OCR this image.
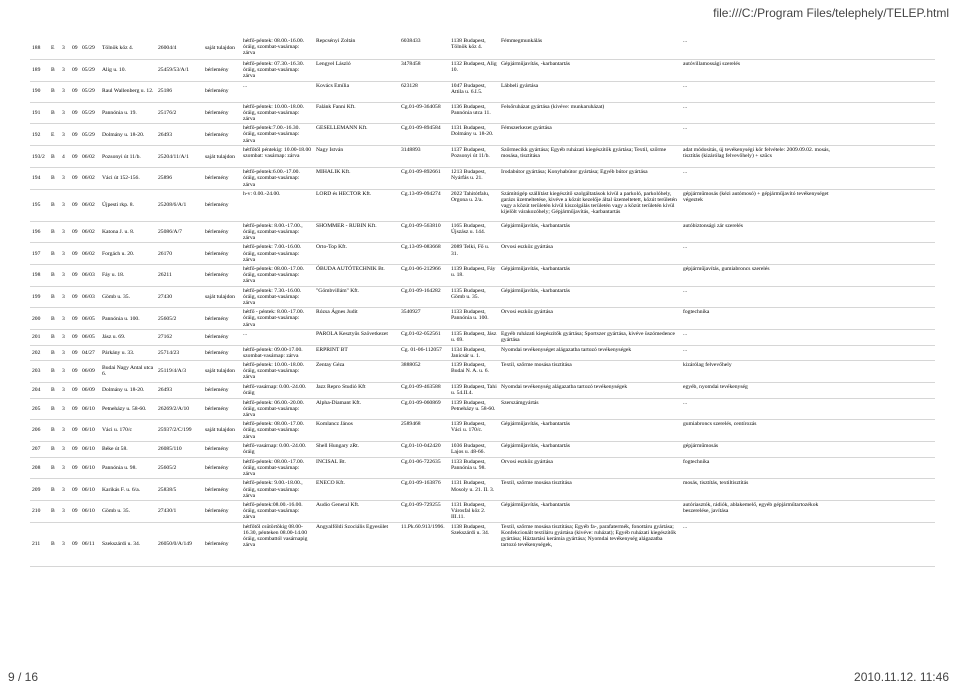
file:///C:/Program Files/telephely/TELEP.html
188	E	3	09	05/29	Tölnök köz 4.	26004/4	saját tulajdon	hétfő-péntek: 08.00.-16.00. óráig, szombat-vasárnap: zárva	Repcsényi Zoltán	6038433	1138 Budapest, Tölnök köz 4.	Fémmegmunkálás	...	
189	B	3	09	05/29	Alig u. 10.	25459/53/A/1	bérlemény	hétfő-péntek: 07.30.-16.30. óráig, szombat-vasárnap: zárva	Lengyel László	3478458	1132 Budapest, Alig 10.	Gépjárműjavítás, -karbantartás	autóvillamossági szerelés	
190	B	3	09	05/29	Raul Wallenberg u. 12.	25186	bérlemény	...	Kovács Emília	623128	1047 Budapest, Attila u. 6.I.5.	Lábbeli gyártása	...	
191	B	3	09	05/29	Pannónia u. 19.	25176/2	bérlemény	hétfő-péntek: 10.00.-18.00. óráig, szombat-vasárnap: zárva	Falánk Fanni Kft.	Cg.01-09-364058	1136 Budapest, Pannónia utca 11.	Felsőruházat gyártása (kivéve: munkaruházat)	...	
192	E	3	09	05/29	Dolmány u. 18-20.	26493	bérlemény	hétfő-péntek:7.00.-16.30. óráig, szombat-vasárnap: zárva	GESELLEMANN Kft.	Cg.01-09-894584	1131 Budapest, Dolmány u. 18-20.	Fémszerkezet gyártása	...	
193/2	B	4	09	06/02	Pozsonyi út 11/b.	25204/11/A/1	saját tulajdon	hétfőtől péntekig: 10.00-18.00 szombat: vasárnap: zárva	Nagy István	3148893	1137 Budapest, Pozsonyi út 11/b.	Szőrmecikk gyártása; Egyéb ruházati kiegészítők gyártása; Textil, szőrme mosása, tisztítása	adat módosítás, új tevékenységi kör felvétele: 2009.09.02. mosás, tisztítás (kizárólag felvevőhely) + szűcs	
194	B	3	09	06/02	Váci út 152-156.	25896	bérlemény	hétfő-péntek:6.00.-17.00. óráig, szombat-vasárnap: zárva	MIHALIK Kft.	Cg.01-09-892661	1213 Budapest, Nyárfás u. 21.	Irodabútor gyártása; Konyhabútor gyártása; Egyéb bútor gyártása	...	
195	B	3	09	06/02	Újpesti rkp. 8.	25208/6/A/1	bérlemény	h-v: 0.00.-24.00.	LORD és HECTOR Kft.	Cg.13-09-094274	2022 Tahitótfalu, Orgona u. 2/a.	Számítógép szállítást kiegészítő szolgáltatások kívül a parkoló, parkolóhely, garázs üzemeltetése, kivéve a közút kezelője által üzemeltetett, közút területén vagy a közút területén kívül kiszolgálás területén vagy a közút területén kívül kijelölt várakozóhely; Gépjárműjavítás, -karbantartás	gépjárműmosás (kézi autómosó) + gépjárműjavító tevékenységet végeztek	
196	B	3	09	06/02	Katona J. u. 8.	25086/A/7	bérlemény	hétfő-péntek: 8.00.-17.00., óráig, szombat-vasárnap: zárva	SHOMMER - RUBIN Kft.	Cg.01-09-563810	1165 Budapest, Újszász u. 144.	Gépjárműjavítás, -karbantartás	autóbiztonsági zár szerelés	
197	B	3	09	06/02	Forgách u. 20.	26170	bérlemény	hétfő-péntek: 7.00.-16.00. óráig, szombat-vasárnap: zárva	Orto-Top Kft.	Cg.13-09-083668	2089 Telki, Fő u. 31.	Orvosi eszköz gyártása	...	
198	B	3	09	06/03	Fáy u. 18.	26211	bérlemény	hétfő-péntek: 08.00.-17.00. óráig, szombat-vasárnap: zárva	ÓBUDA AUTÓTECHNIK Bt.	Cg.01-06-212966	1139 Budapest, Fáy u. 18.	Gépjárműjavítás, -karbantartás	gépjárműjavítás, gumiabroncs szerelés	
199	B	3	09	06/03	Gömb u. 35.	27430	saját tulajdon	hétfő-péntek: 7.30.-16.00. óráig, szombat-vasárnap: zárva	"Gömbvillám" Kft.	Cg.01-09-164282	1135 Budapest, Gömb u. 35.	Gépjárműjavítás, -karbantartás	...	
200	B	3	09	06/05	Pannónia u. 100.	25605/2	bérlemény	hétfő - péntek: 8.00.-17.00. óráig, szombat-vasárnap: zárva	Rózsa Ágnes Judit	3540927	1133 Budapest, Pannónia u. 100.	Orvosi eszköz gyártása	fogtechnika	
201	B	3	09	06/05	Jász u. 69.	27162	bérlemény	...	PAROLA Kesztyűs Szövetkezet	Cg.01-02-052561	1135 Budapest, Jász u. 69.	Egyéb ruházati kiegészítők gyártása; Sportszer gyártása, kivéve üszómedence gyártása	...	
202	B	3	09	04/27	Párkány u. 33.	25714/23	bérlemény	hétfő-péntek: 09.00-17.00. szombat-vasárnap: zárva	ERPRINT BT	Cg. 01-06-112057	1134 Budapest, Janicsár u. 1.	Nyomdai tevékenységet alágazatba tartozó tevékenységek	...	
203	B	3	09	06/09	Budai Nagy Antal utca 6.	25119/4/A/3	saját tulajdon	hétfő-péntek: 10.00.-18.00. óráig, szombat-vasárnap: zárva	Zentay Géza	3888052	1139 Budapest, Budai N. A. u. 6.	Textil, szőrme mosása tisztítása	kizárólag felvevőhely	
204	B	3	09	06/09	Dolmány u. 18-20.	26493	bérlemény	hétfő-vasárnap: 0.00.-24.00. óráig	Jazz Repro Studió Kft	Cg.01-09-463588	1139 Budapest, Tahi u. 54.II.4.	Nyomdai tevékenység alágazatba tartozó tevékenységek	egyéb, nyomdai tevékenység	
205	B	3	09	06/10	Petneházy u. 58-60.	26269/2/A/10	bérlemény	hétfő-péntek: 06.00.-20.00. óráig, szombat-vasárnap: zárva	Alpha-Diamant Kft.	Cg.01-09-060869	1139 Budapest, Petneházy u. 58-60.	Szerszámgyártás	...	
206	B	3	09	06/10	Váci u. 170/c	25937/2/C/199	saját tulajdon	hétfő-péntek: 08.00.-17.00. óráig, szombat-vasárnap: zárva	Komlancz János	2589468	1139 Budapest, Váci u. 170/c.	Gépjárműjavítás, -karbantartás	gumiabroncs szerelés, centírozás	
207	B	3	09	06/10	Béke út 58.	26085/110	bérlemény	hétfő-vasárnap: 0.00.-24.00. óráig	Shell Hungary zRt.	Cg.01-10-042420	1036 Budapest, Lajos u. 48-66.	Gépjárműjavítás, -karbantartás	gépjárműmosás	
208	B	3	09	06/10	Pannónia u. 98.	25605/2	bérlemény	hétfő-péntek: 08.00.-17.00. óráig, szombat-vasárnap: zárva	INCISAL Bt.	Cg.01-06-722635	1133 Budapest, Pannónia u. 98.	Orvosi eszköz gyártása	fogtechnika	
209	B	3	09	06/10	Karikás F. u. 6/a.	25838/5	bérlemény	hétfő-péntek: 9.00.-18.00., óráig, szombat-vasárnap: zárva	ENECO Kft.	Cg.01-09-163876	1131 Budapest, Mosoly u. 21. II. 3.	Textil, szőrme mosása tisztítása	mosás, tisztítás, textiltisztítás	
210	B	3	09	06/10	Gömb u. 35.	27430/1	bérlemény	hétfő-péntek:08.00.-16.00. óráig, szombat-vasárnap: zárva	Audio General Kft.	Cg.01-09-729255	1131 Budapest, Városfal köz 2. III.11.	Gépjárműjavítás, -karbantartás	autóriasztók, rádiók, ablakemelő, egyéb gépjárműtartozékok beszerelése, javítása	
211	B	3	09	06/11	Szekszárdi u. 34.	26050/0/A/149	bérlemény	hétfőtől csütörtökig 08.00-16.30, pénteken 08.00-14.00 óráig, szombattól vasárnapig zárva	Angyalföldi Szociális Egyesület	11.Pk.60.913/1996.	1138 Budapest, Szekszárdi u. 34.	Textil, szőrme mosása tisztítása; Egyéb fa-, parafatermék, fonottáru gyártása; Konfekcionált textiláru gyártása (kivéve: ruházat); Egyéb ruházati kiegészítők gyártása; Háztartási kerámia gyártása; Nyomdai tevékenység alágazatba tartozó tevékenységek,	...	
9 / 16	2010.11.12. 11:46
